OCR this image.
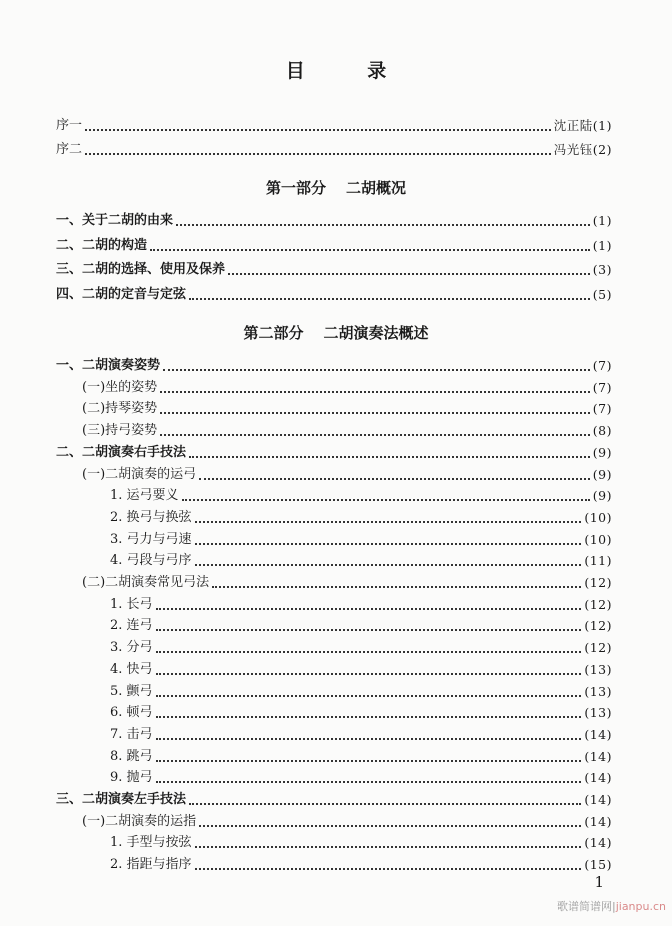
目 录
序一	沈正陆(1)
序二	冯光钰(2)
第一部分 二胡概况
一、关于二胡的由来	(1)
二、二胡的构造	(1)
三、二胡的选择、使用及保养	(3)
四、二胡的定音与定弦	(5)
第二部分 二胡演奏法概述
一、二胡演奏姿势	(7)
(一)坐的姿势	(7)
(二)持琴姿势	(7)
(三)持弓姿势	(8)
二、二胡演奏右手技法	(9)
(一)二胡演奏的运弓	(9)
1. 运弓要义	(9)
2. 换弓与换弦	(10)
3. 弓力与弓速	(10)
4. 弓段与弓序	(11)
(二)二胡演奏常见弓法	(12)
1. 长弓	(12)
2. 连弓	(12)
3. 分弓	(12)
4. 快弓	(13)
5. 颤弓	(13)
6. 顿弓	(13)
7. 击弓	(14)
8. 跳弓	(14)
9. 抛弓	(14)
三、二胡演奏左手技法	(14)
(一)二胡演奏的运指	(14)
1. 手型与按弦	(14)
2. 指距与指序	(15)
1
歌谱简谱网|jianpu.cn
